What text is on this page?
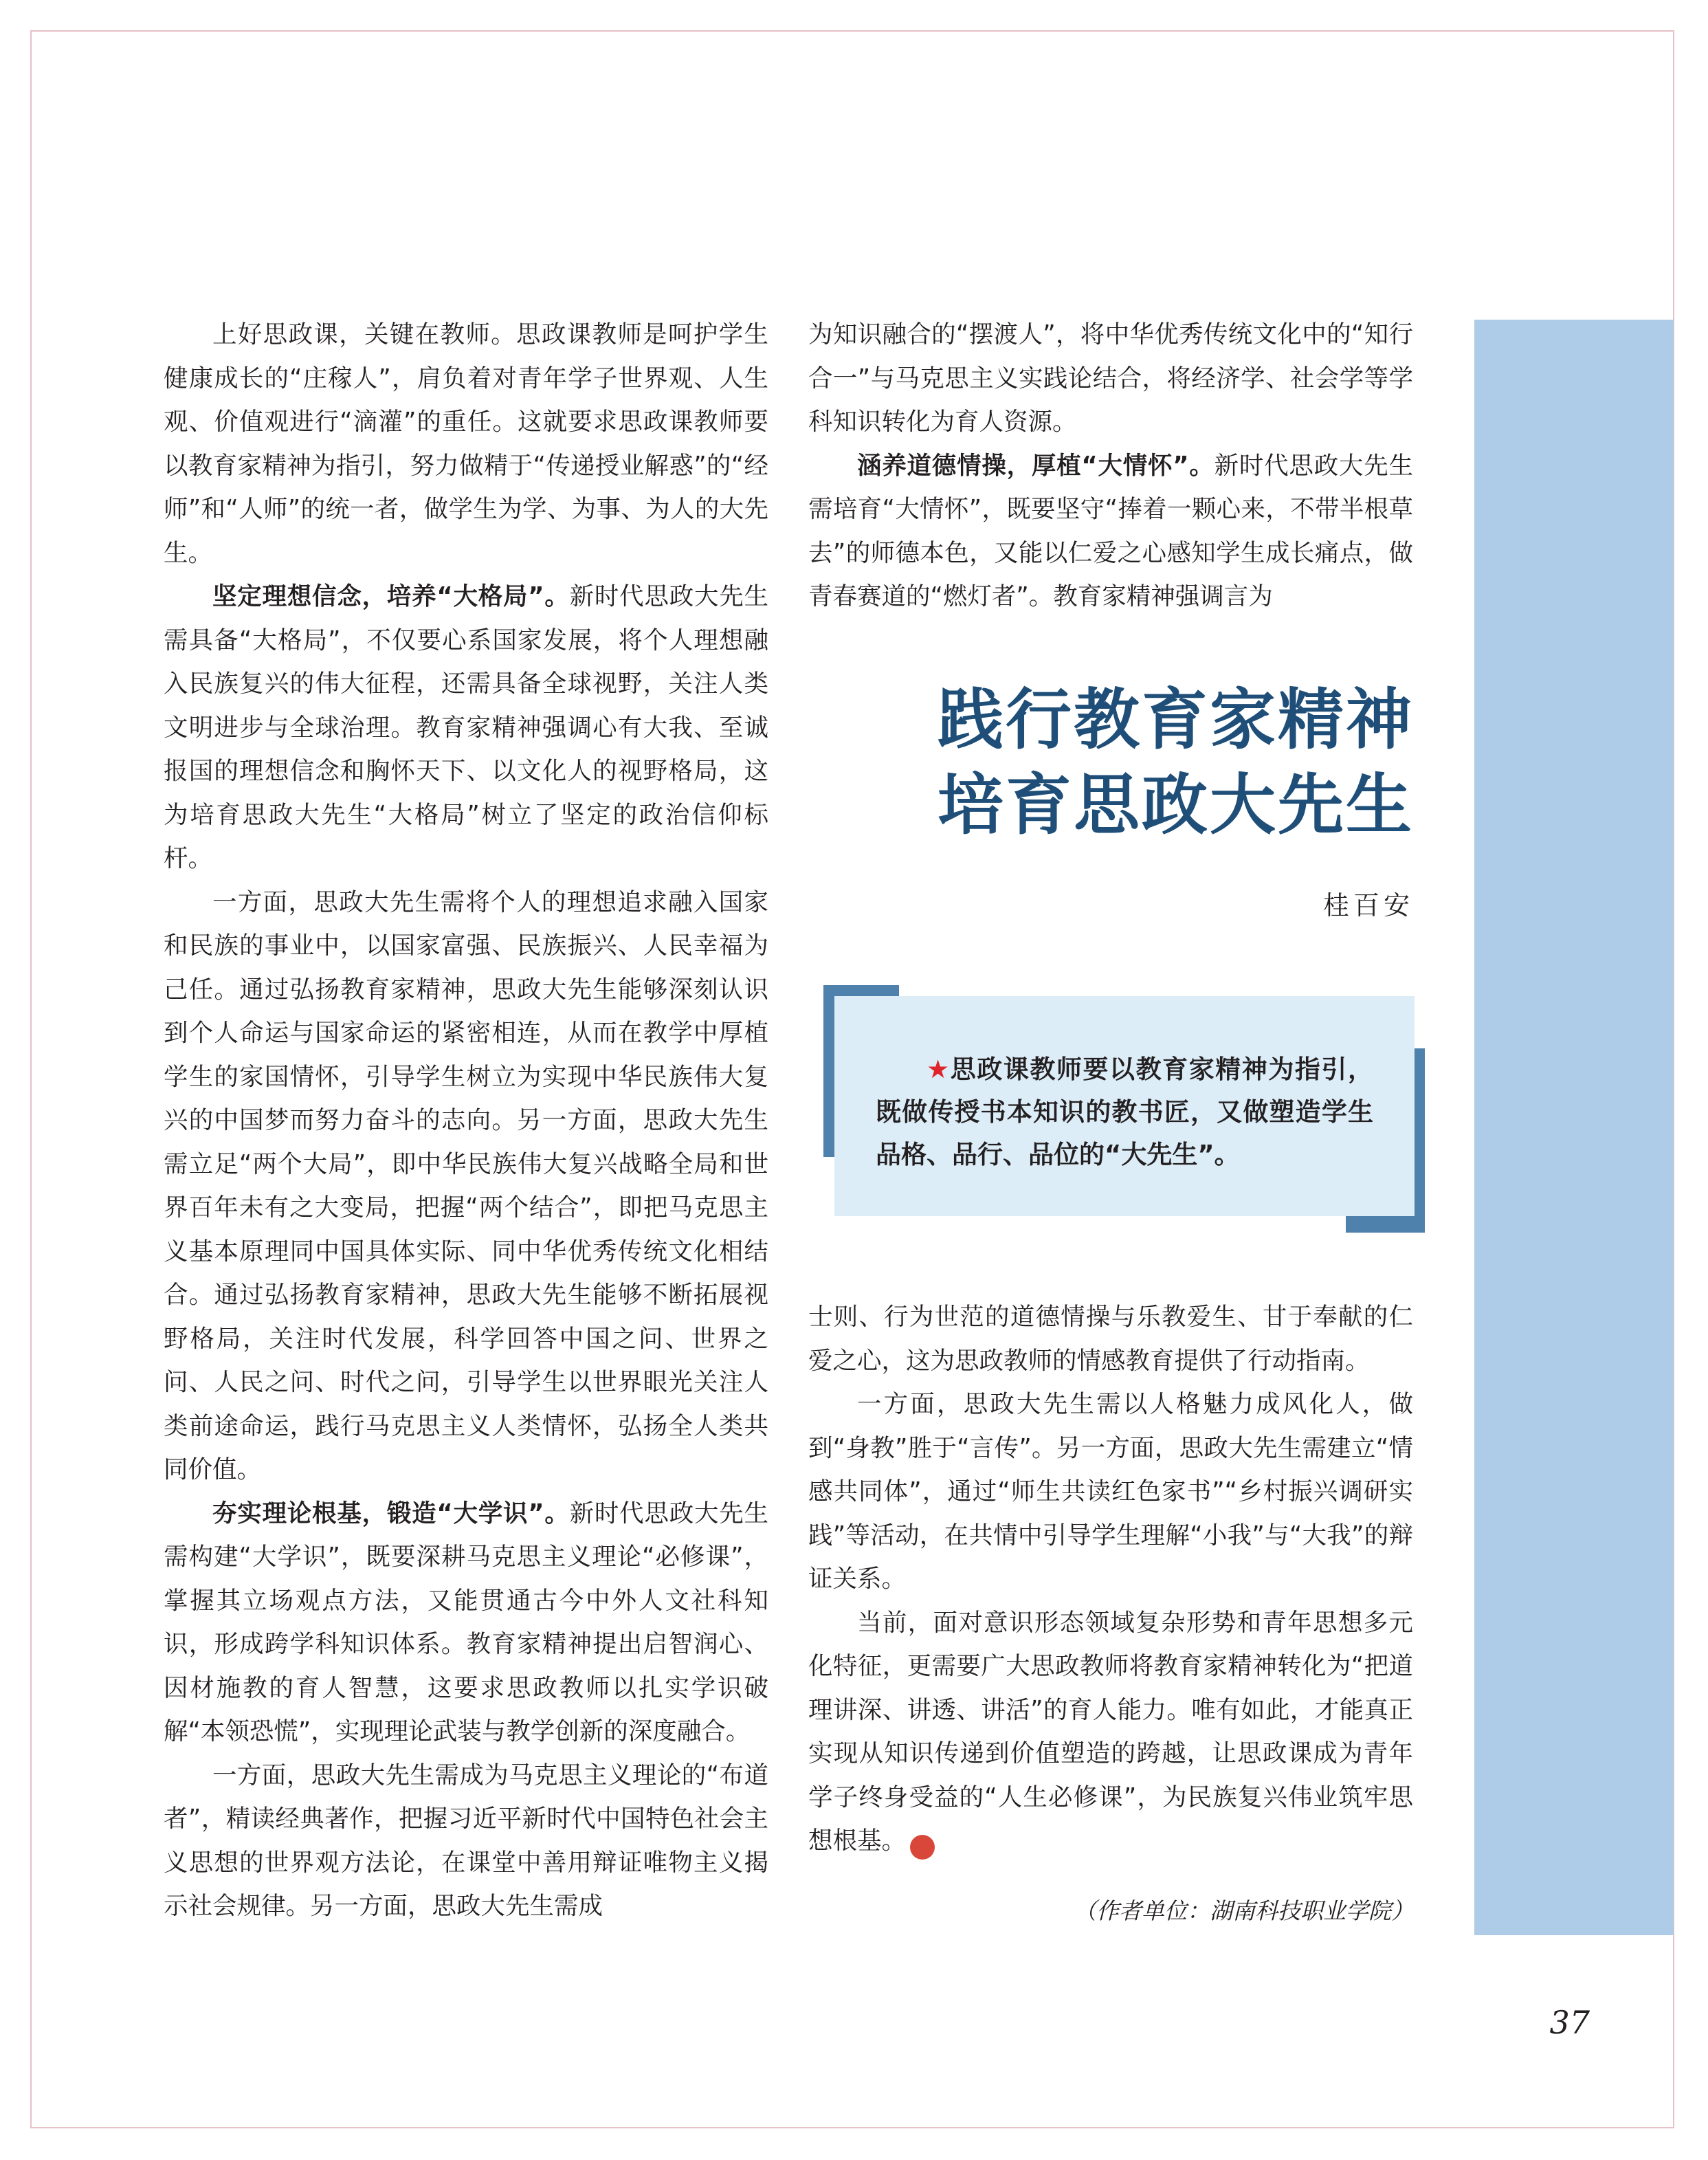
上好思政课，关键在教师。思政课教师是呵护学生健康成长的“庄稼人”，肩负着对青年学子世界观、人生观、价值观进行“滴灌”的重任。这就要求思政课教师要以教育家精神为指引，努力做精于“传递授业解惑”的“经师”和“人师”的统一者，做学生为学、为事、为人的大先生。

坚定理想信念，培养“大格局”。新时代思政大先生需具备“大格局”，不仅要心系国家发展，将个人理想融入民族复兴的伟大征程，还需具备全球视野，关注人类文明进步与全球治理。教育家精神强调心有大我、至诚报国的理想信念和胸怀天下、以文化人的视野格局，这为培育思政大先生“大格局”树立了坚定的政治信仰标杆。

一方面，思政大先生需将个人的理想追求融入国家和民族的事业中，以国家富强、民族振兴、人民幸福为己任。通过弘扬教育家精神，思政大先生能够深刻认识到个人命运与国家命运的紧密相连，从而在教学中厚植学生的家国情怀，引导学生树立为实现中华民族伟大复兴的中国梦而努力奋斗的志向。另一方面，思政大先生需立足“两个大局”，即中华民族伟大复兴战略全局和世界百年未有之大变局，把握“两个结合”，即把马克思主义基本原理同中国具体实际、同中华优秀传统文化相结合。通过弘扬教育家精神，思政大先生能够不断拓展视野格局，关注时代发展，科学回答中国之问、世界之问、人民之问、时代之问，引导学生以世界眼光关注人类前途命运，践行马克思主义人类情怀，弘扬全人类共同价值。

夯实理论根基，锻造“大学识”。新时代思政大先生需构建“大学识”，既要深耕马克思主义理论“必修课”，掌握其立场观点方法，又能贯通古今中外人文社科知识，形成跨学科知识体系。教育家精神提出启智润心、因材施教的育人智慧，这要求思政教师以扎实学识破解“本领恐慌”，实现理论武装与教学创新的深度融合。

一方面，思政大先生需成为马克思主义理论的“布道者”，精读经典著作，把握习近平新时代中国特色社会主义思想的世界观方法论，在课堂中善用辩证唯物主义揭示社会规律。另一方面，思政大先生需成

为知识融合的“摆渡人”，将中华优秀传统文化中的“知行合一”与马克思主义实践论结合，将经济学、社会学等学科知识转化为育人资源。

涵养道德情操，厚植“大情怀”。新时代思政大先生需培育“大情怀”，既要坚守“捧着一颗心来，不带半根草去”的师德本色，又能以仁爱之心感知学生成长痛点，做青春赛道的“燃灯者”。教育家精神强调言为

践行教育家精神
培育思政大先生
桂百安

★思政课教师要以教育家精神为指引，既做传授书本知识的教书匠，又做塑造学生品格、品行、品位的“大先生”。

士则、行为世范的道德情操与乐教爱生、甘于奉献的仁爱之心，这为思政教师的情感教育提供了行动指南。

一方面，思政大先生需以人格魅力成风化人，做到“身教”胜于“言传”。另一方面，思政大先生需建立“情感共同体”，通过“师生共读红色家书”“乡村振兴调研实践”等活动，在共情中引导学生理解“小我”与“大我”的辩证关系。

当前，面对意识形态领域复杂形势和青年思想多元化特征，更需要广大思政教师将教育家精神转化为“把道理讲深、讲透、讲活”的育人能力。唯有如此，才能真正实现从知识传递到价值塑造的跨越，让思政课成为青年学子终身受益的“人生必修课”，为民族复兴伟业筑牢思想根基。	I

（作者单位：湖南科技职业学院）
37
